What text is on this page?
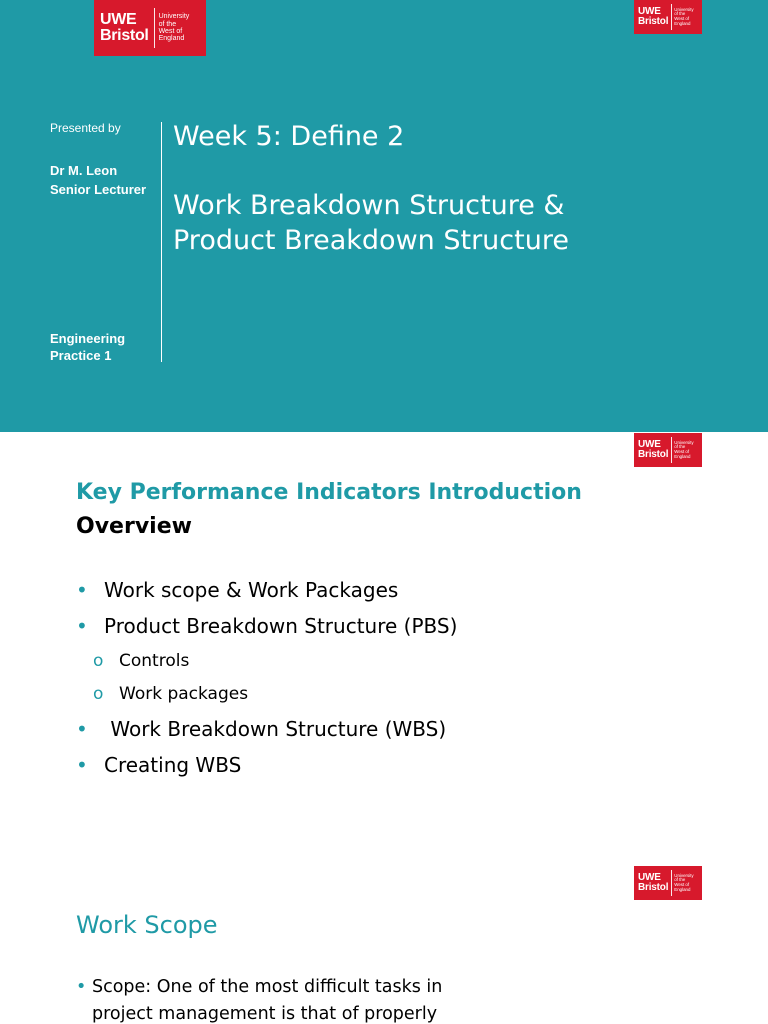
UWE
Bristol
University
of the
West of
England
UWE
Bristol
University
of the
West of
England
Presented by
Dr M. Leon
Senior Lecturer
Engineering
Practice 1
Week 5: Define 2
Work Breakdown Structure &
Product Breakdown Structure
UWE
Bristol
University
of the
West of
England
Key Performance Indicators Introduction
Overview
• Work scope & Work Packages
• Product Breakdown Structure (PBS)
o Controls
o Work packages
• Work Breakdown Structure (WBS)
• Creating WBS
UWE
Bristol
University
of the
West of
England
Work Scope
• Scope: One of the most difficult tasks in
project management is that of properly
